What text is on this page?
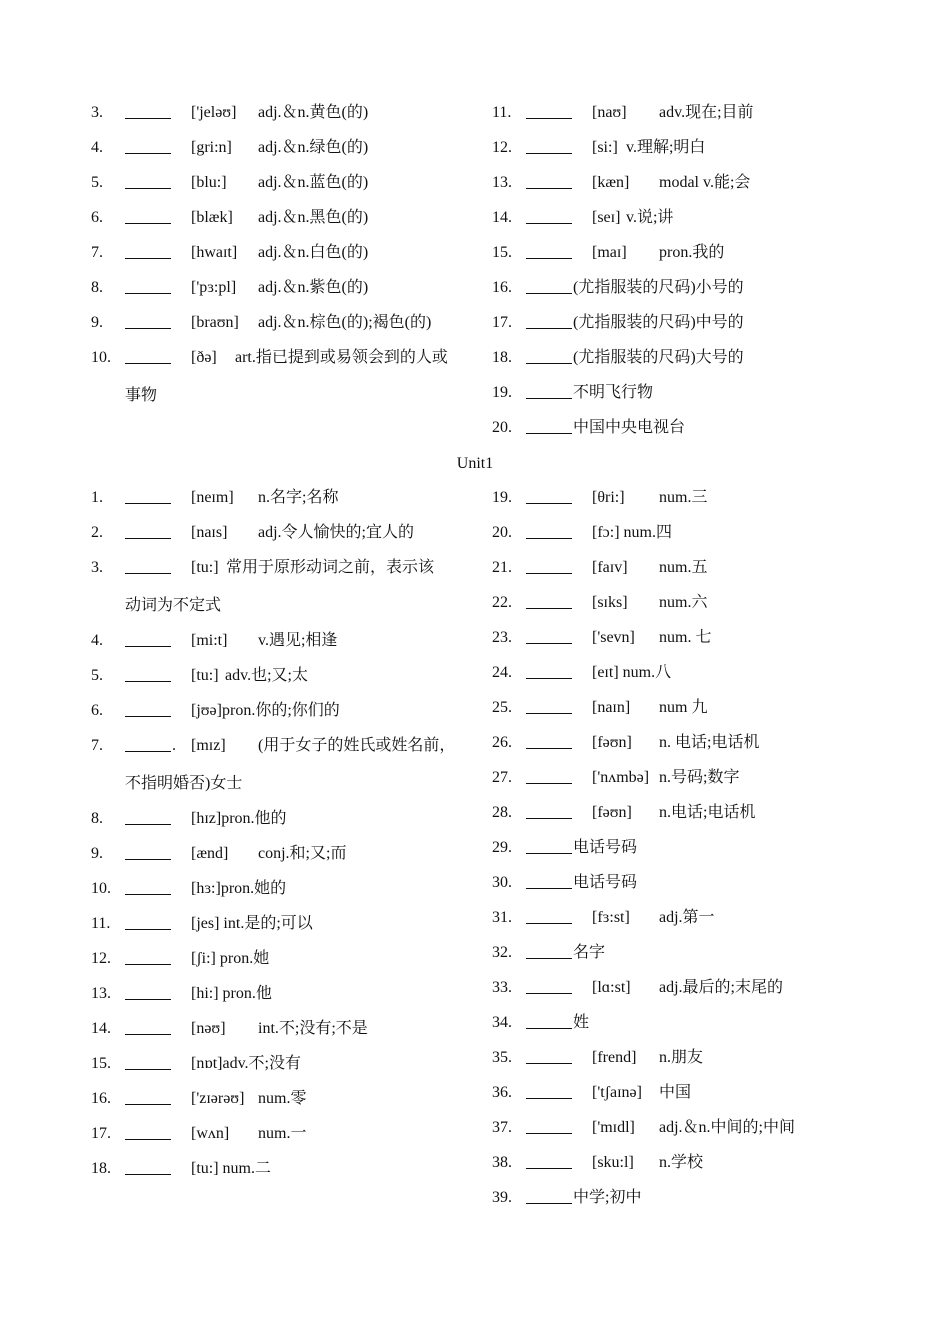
3.	['jeləʊ] adj.＆n.黄色(的)
4.	[gri:n] adj.＆n.绿色(的)
5.	[blu:] adj.＆n.蓝色(的)
6.	[blæk] adj.＆n.黑色(的)
7.	[hwaɪt] adj.＆n.白色(的)
8.	['pɜ:pl] adj.＆n.紫色(的)
9.	[braʊn] adj.＆n.棕色(的);褐色(的)
10.	[ðə] art.指已提到或易领会到的人或
事物
11.	[naʊ] adv.现在;目前
12.	[si:] v.理解;明白
13.	[kæn] modal v.能;会
14.	[seɪ] v.说;讲
15.	[maɪ] pron.我的
16.	(尤指服装的尺码)小号的
17.	(尤指服装的尺码)中号的
18.	(尤指服装的尺码)大号的
19.	不明飞行物
20.	中国中央电视台
Unit1
1.	[neɪm] n.名字;名称
2.	[naɪs] adj.令人愉快的;宜人的
3.	[tu:] 常用于原形动词之前，表示该
动词为不定式
4.	[mi:t] v.遇见;相逢
5.	[tu:] adv.也;又;太
6.	[jʊə]pron.你的;你们的
7.	. [mɪz] (用于女子的姓氏或姓名前，
不指明婚否)女士
8.	[hɪz]pron.他的
9.	[ænd] conj.和;又;而
10.	[hɜ:]pron.她的
11.	[jes] int.是的;可以
12.	[ʃi:] pron.她
13.	[hi:] pron.他
14.	[nəʊ] int.不;没有;不是
15.	[nɒt]adv.不;没有
16.	['zɪərəʊ] num.零
17.	[wʌn] num.一
18.	[tu:] num.二
19.	[θri:] num.三
20.	[fɔ:] num.四
21.	[faɪv] num.五
22.	[sɪks] num.六
23.	['sevn] num. 七
24.	[eɪt] num.八
25.	[naɪn] num 九
26.	[fəʊn] n. 电话;电话机
27.	['nʌmbə] n.号码;数字
28.	[fəʊn] n.电话;电话机
29.	电话号码
30.	电话号码
31.	[fɜ:st] adj.第一
32.	名字
33.	[lɑ:st] adj.最后的;末尾的
34.	姓
35.	[frend] n.朋友
36.	['tʃaɪnə] 中国
37.	['mɪdl] adj.＆n.中间的;中间
38.	[sku:l] n.学校
39.	中学;初中
